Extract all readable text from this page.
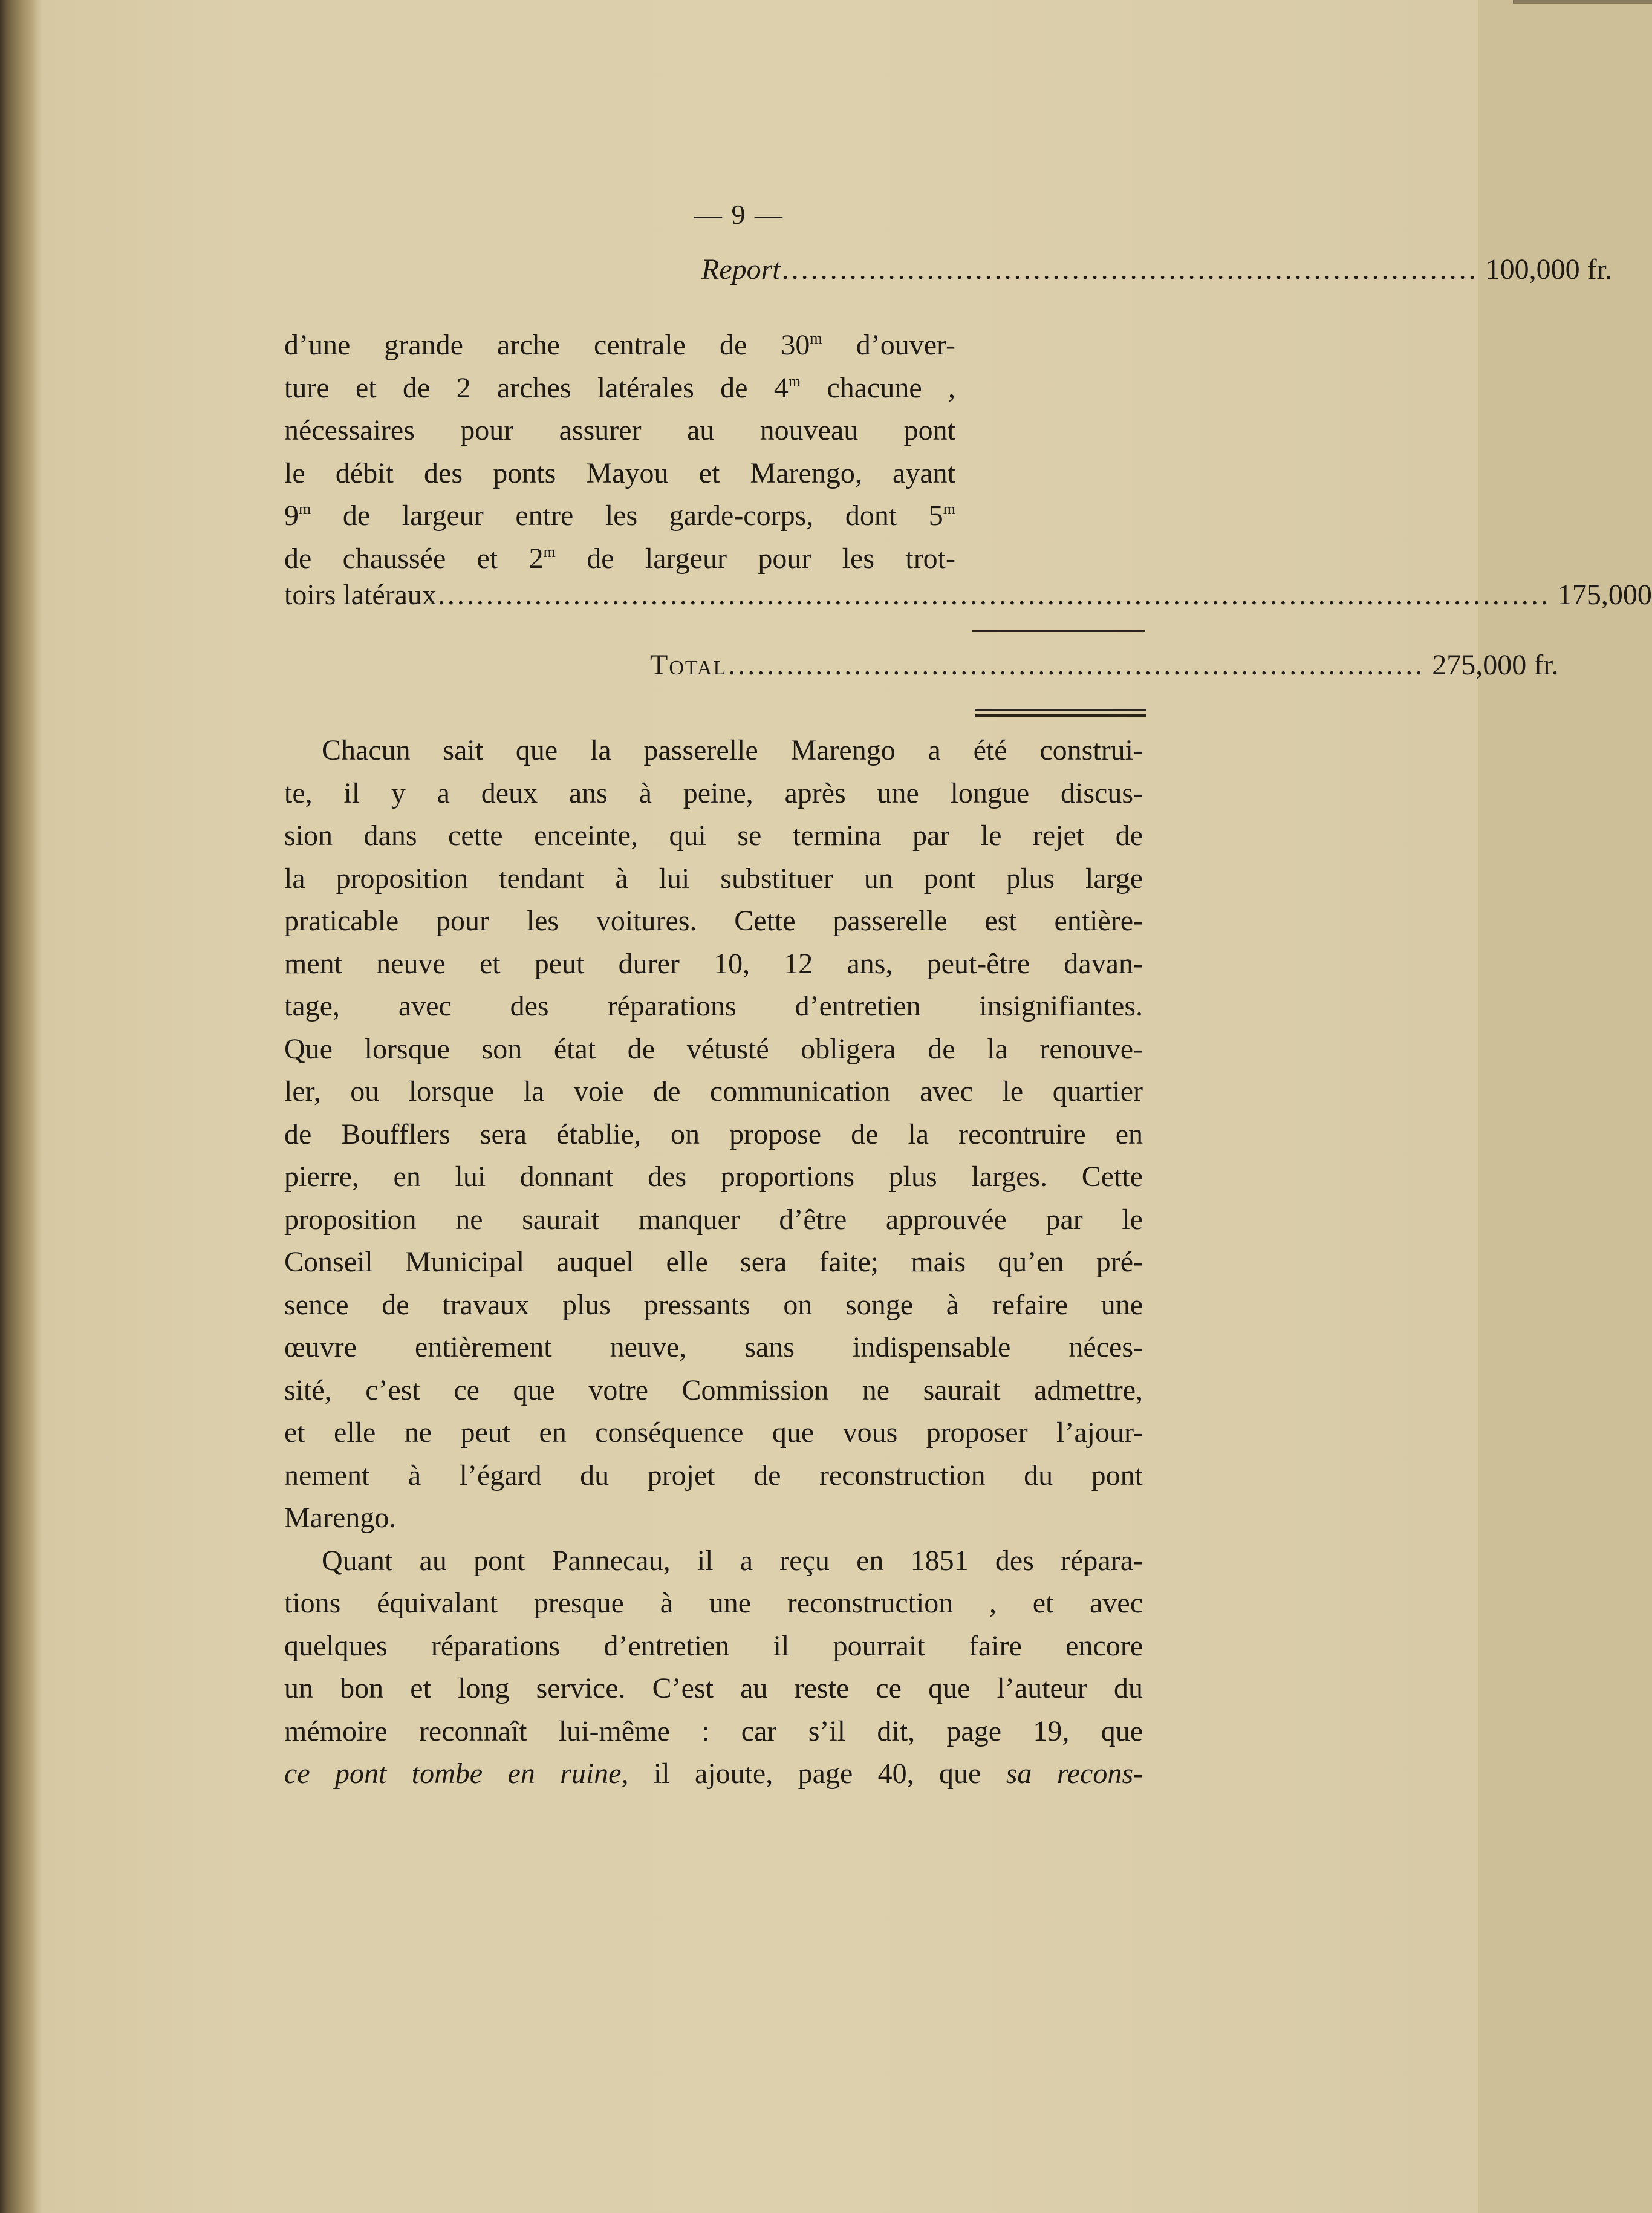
— 9 —
Report ........................................................................ 100,000 fr.

d’une grande arche centrale de 30$^m$ d’ouver-

ture et de 2 arches latérales de 4$^m$ chacune ,

nécessaires pour assurer au nouveau pont

le débit des ponts Mayou et Marengo, ayant

9$^m$ de largeur entre les garde-corps, dont 5$^m$

de chaussée et 2$^m$ de largeur pour les trot-

toirs latéraux ................................................................................................................... 175,000
Total ........................................................................ 275,000 fr.
Chacun sait que la passerelle Marengo a été construi-
te, il y a deux ans à peine, après une longue discus-
sion dans cette enceinte, qui se termina par le rejet de
la proposition tendant à lui substituer un pont plus large
praticable pour les voitures. Cette passerelle est entière-
ment neuve et peut durer 10, 12 ans, peut-être davan-
tage, avec des réparations d’entretien insignifiantes.
Que lorsque son état de vétusté obligera de la renouve-
ler, ou lorsque la voie de communication avec le quartier
de Boufflers sera établie, on propose de la recontruire en
pierre, en lui donnant des proportions plus larges. Cette
proposition ne saurait manquer d’être approuvée par le
Conseil Municipal auquel elle sera faite; mais qu’en pré-
sence de travaux plus pressants on songe à refaire une
œuvre entièrement neuve, sans indispensable néces-
sité, c’est ce que votre Commission ne saurait admettre,
et elle ne peut en conséquence que vous proposer l’ajour-
nement à l’égard du projet de reconstruction du pont
Marengo.
Quant au pont Pannecau, il a reçu en 1851 des répara-
tions équivalant presque à une reconstruction , et avec
quelques réparations d’entretien il pourrait faire encore
un bon et long service. C’est au reste ce que l’auteur du
mémoire reconnaît lui-même : car s’il dit, page 19, que
ce pont tombe en ruine, il ajoute, page 40, que sa recons-
